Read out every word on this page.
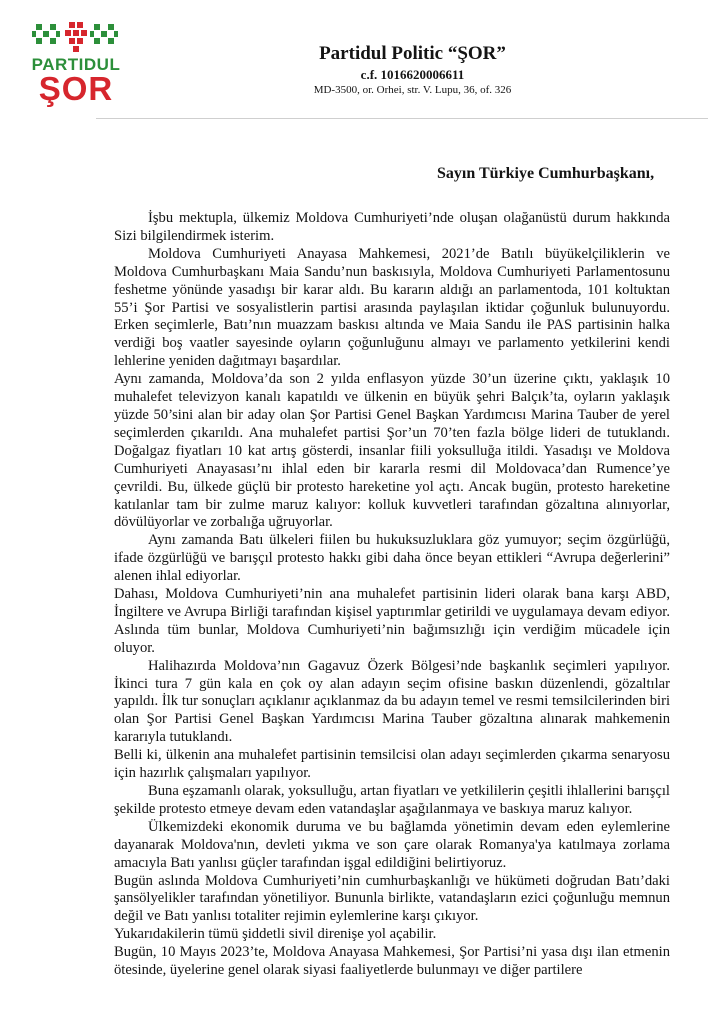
PARTIDUL
ŞOR
Partidul Politic “ŞOR”
c.f. 1016620006611
MD-3500, or. Orhei, str. V. Lupu, 36, of. 326
Sayın Türkiye Cumhurbaşkanı,

İşbu mektupla, ülkemiz Moldova Cumhuriyeti’nde oluşan olağanüstü durum hakkında Sizi bilgilendirmek isterim.

Moldova Cumhuriyeti Anayasa Mahkemesi, 2021’de Batılı büyükelçiliklerin ve Moldova Cumhurbaşkanı Maia Sandu’nun baskısıyla, Moldova Cumhuriyeti Parlamentosunu feshetme yönünde yasadışı bir karar aldı. Bu kararın aldığı an parlamentoda, 101 koltuktan 55’i Şor Partisi ve sosyalistlerin partisi arasında paylaşılan iktidar çoğunluk bulunuyordu. Erken seçimlerle, Batı’nın muazzam baskısı altında ve Maia Sandu ile PAS partisinin halka verdiği boş vaatler sayesinde oyların çoğunluğunu almayı ve parlamento yetkilerini kendi lehlerine yeniden dağıtmayı başardılar.

Aynı zamanda, Moldova’da son 2 yılda enflasyon yüzde 30’un üzerine çıktı, yaklaşık 10 muhalefet televizyon kanalı kapatıldı ve ülkenin en büyük şehri Balçık’ta, oyların yaklaşık yüzde 50’sini alan bir aday olan Şor Partisi Genel Başkan Yardımcısı Marina Tauber de yerel seçimlerden çıkarıldı. Ana muhalefet partisi Şor’un 70’ten fazla bölge lideri de tutuklandı. Doğalgaz fiyatları 10 kat artış gösterdi, insanlar fiili yoksulluğa itildi. Yasadışı ve Moldova Cumhuriyeti Anayasası’nı ihlal eden bir kararla resmi dil Moldovaca’dan Rumence’ye çevrildi. Bu, ülkede güçlü bir protesto hareketine yol açtı. Ancak bugün, protesto hareketine katılanlar tam bir zulme maruz kalıyor: kolluk kuvvetleri tarafından gözaltına alınıyorlar, dövülüyorlar ve zorbalığa uğruyorlar.

Aynı zamanda Batı ülkeleri fiilen bu hukuksuzluklara göz yumuyor; seçim özgürlüğü, ifade özgürlüğü ve barışçıl protesto hakkı gibi daha önce beyan ettikleri “Avrupa değerlerini” alenen ihlal ediyorlar.

Dahası, Moldova Cumhuriyeti’nin ana muhalefet partisinin lideri olarak bana karşı ABD, İngiltere ve Avrupa Birliği tarafından kişisel yaptırımlar getirildi ve uygulamaya devam ediyor. Aslında tüm bunlar, Moldova Cumhuriyeti’nin bağımsızlığı için verdiğim mücadele için oluyor.

Halihazırda Moldova’nın Gagavuz Özerk Bölgesi’nde başkanlık seçimleri yapılıyor. İkinci tura 7 gün kala en çok oy alan adayın seçim ofisine baskın düzenlendi, gözaltılar yapıldı. İlk tur sonuçları açıklanır açıklanmaz da bu adayın temel ve resmi temsilcilerinden biri olan Şor Partisi Genel Başkan Yardımcısı Marina Tauber gözaltına alınarak mahkemenin kararıyla tutuklandı.

Belli ki, ülkenin ana muhalefet partisinin temsilcisi olan adayı seçimlerden çıkarma senaryosu için hazırlık çalışmaları yapılıyor.

Buna eşzamanlı olarak, yoksulluğu, artan fiyatları ve yetkililerin çeşitli ihlallerini barışçıl şekilde protesto etmeye devam eden vatandaşlar aşağılanmaya ve baskıya maruz kalıyor.

Ülkemizdeki ekonomik duruma ve bu bağlamda yönetimin devam eden eylemlerine dayanarak Moldova'nın, devleti yıkma ve son çare olarak Romanya'ya katılmaya zorlama amacıyla Batı yanlısı güçler tarafından işgal edildiğini belirtiyoruz.

Bugün aslında Moldova Cumhuriyeti’nin cumhurbaşkanlığı ve hükümeti doğrudan Batı’daki şansölyelikler tarafından yönetiliyor. Bununla birlikte, vatandaşların ezici çoğunluğu memnun değil ve Batı yanlısı totaliter rejimin eylemlerine karşı çıkıyor.

Yukarıdakilerin tümü şiddetli sivil direnişe yol açabilir.

Bugün, 10 Mayıs 2023’te, Moldova Anayasa Mahkemesi, Şor Partisi’ni yasa dışı ilan etmenin ötesinde, üyelerine genel olarak siyasi faaliyetlerde bulunmayı ve diğer partilere
